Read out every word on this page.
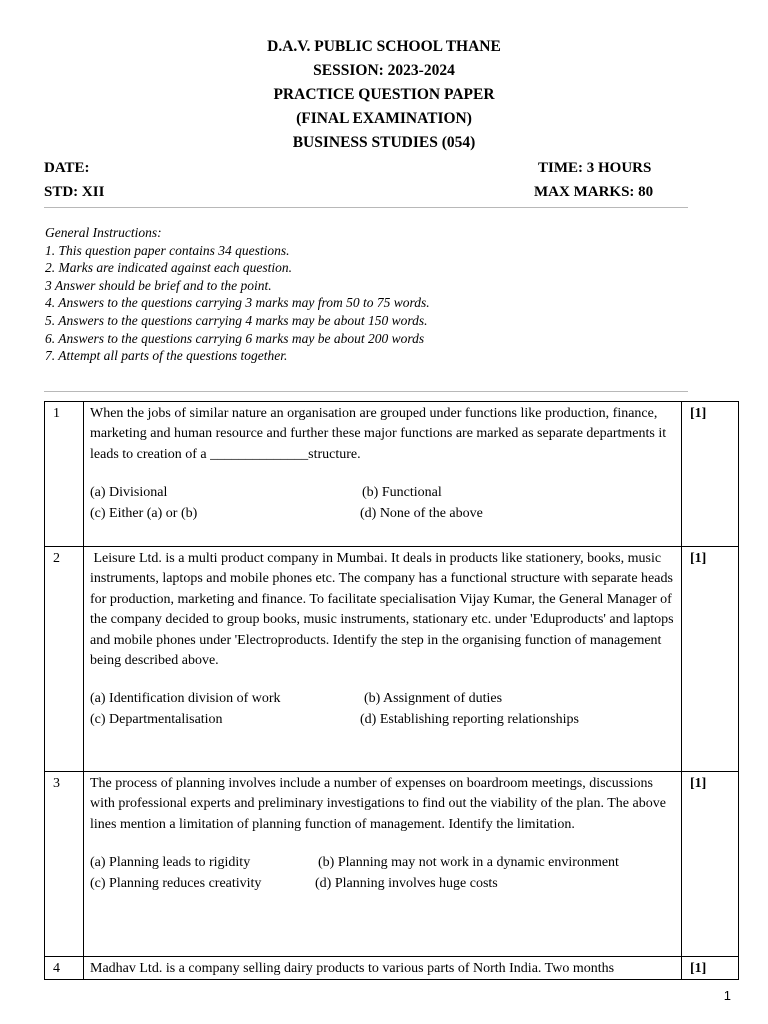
D.A.V. PUBLIC SCHOOL THANE
SESSION: 2023-2024
PRACTICE QUESTION PAPER
(FINAL EXAMINATION)
BUSINESS STUDIES (054)
DATE:	TIME: 3 HOURS
STD: XII	MAX MARKS: 80
General Instructions:
1. This question paper contains 34 questions.
2. Marks are indicated against each question.
3 Answer should be brief and to the point.
4. Answers to the questions carrying 3 marks may from 50 to 75 words.
5. Answers to the questions carrying 4 marks may be about 150 words.
6. Answers to the questions carrying 6 marks may be about 200 words
7. Attempt all parts of the questions together.
1	When the jobs of similar nature an organisation are grouped under functions like production, finance, marketing and human resource and further these major functions are marked as separate departments it leads to creation of a ______________structure.

(a) Divisional (b) Functional
(c) Either (a) or (b) (d) None of the above	[1]
2	Leisure Ltd. is a multi product company in Mumbai. It deals in products like stationery, books, music instruments, laptops and mobile phones etc. The company has a functional structure with separate heads for production, marketing and finance. To facilitate specialisation Vijay Kumar, the General Manager of the company decided to group books, music instruments, stationary etc. under 'Eduproducts' and laptops and mobile phones under 'Electroproducts. Identify the step in the organising function of management being described above.

(a) Identification division of work (b) Assignment of duties
(c) Departmentalisation (d) Establishing reporting relationships	[1]
3	The process of planning involves include a number of expenses on boardroom meetings, discussions with professional experts and preliminary investigations to find out the viability of the plan. The above lines mention a limitation of planning function of management. Identify the limitation.

(a) Planning leads to rigidity (b) Planning may not work in a dynamic environment
(c) Planning reduces creativity (d) Planning involves huge costs	[1]
4	Madhav Ltd. is a company selling dairy products to various parts of North India. Two months	[1]
1
